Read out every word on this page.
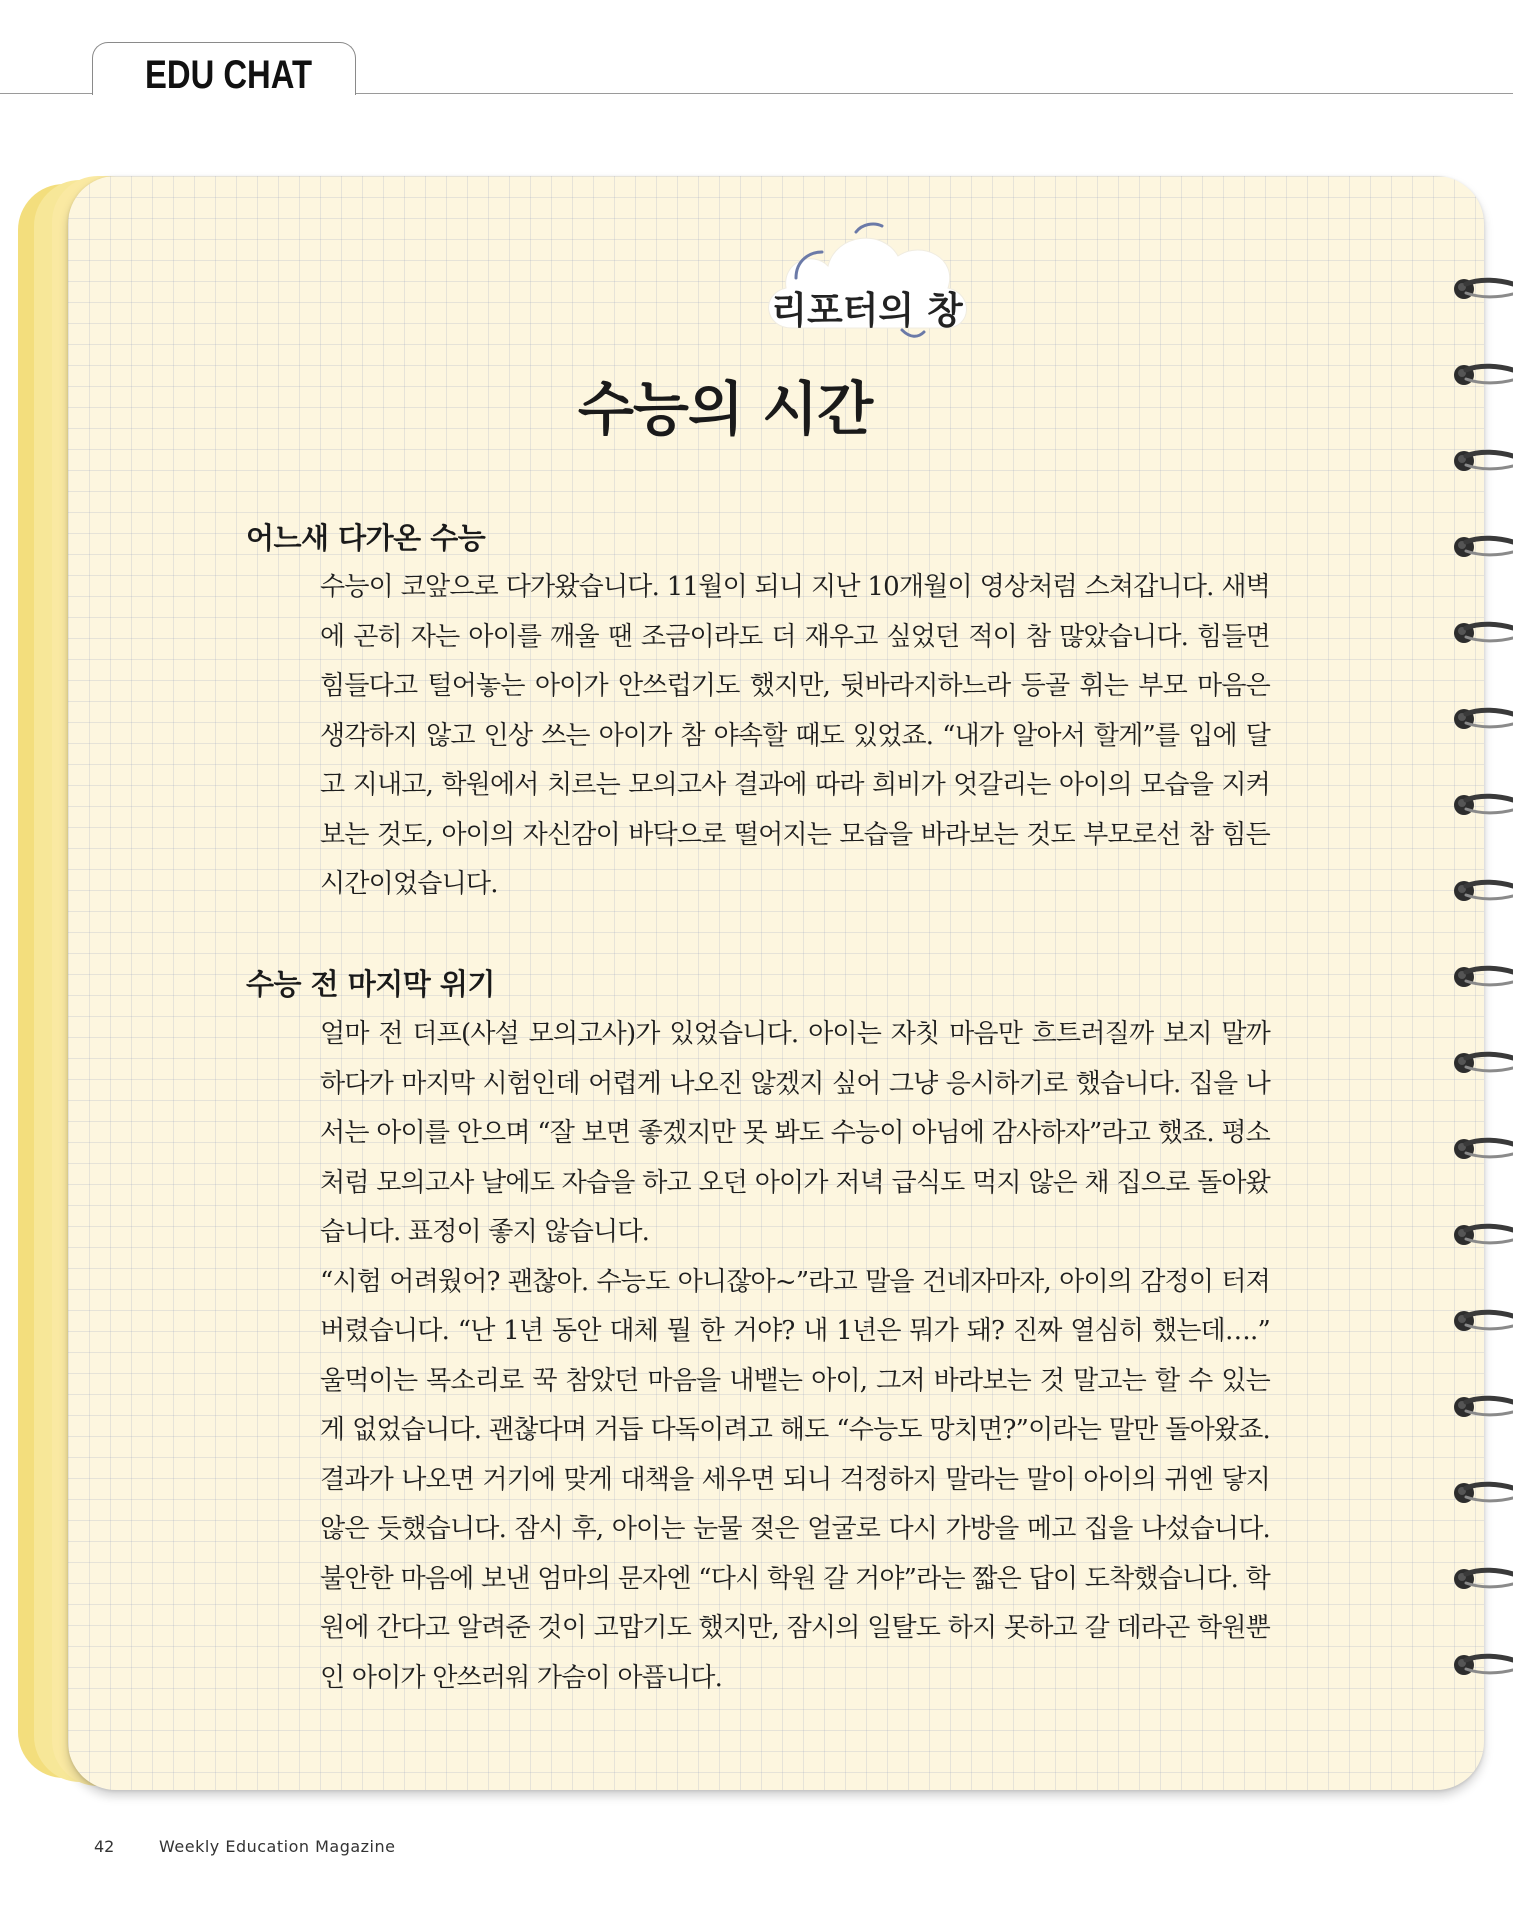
EDU CHAT
리포터의 창
수능의 시간
어느새 다가온 수능

수능이 코앞으로 다가왔습니다. 11월이 되니 지난 10개월이 영상처럼 스쳐갑니다. 새벽에 곤히 자는 아이를 깨울 땐 조금이라도 더 재우고 싶었던 적이 참 많았습니다. 힘들면 힘들다고 털어놓는 아이가 안쓰럽기도 했지만, 뒷바라지하느라 등골 휘는 부모 마음은 생각하지 않고 인상 쓰는 아이가 참 야속할 때도 있었죠. “내가 알아서 할게”를 입에 달고 지내고, 학원에서 치르는 모의고사 결과에 따라 희비가 엇갈리는 아이의 모습을 지켜보는 것도, 아이의 자신감이 바닥으로 떨어지는 모습을 바라보는 것도 부모로선 참 힘든 시간이었습니다.

수능 전 마지막 위기

얼마 전 더프(사설 모의고사)가 있었습니다. 아이는 자칫 마음만 흐트러질까 보지 말까 하다가 마지막 시험인데 어렵게 나오진 않겠지 싶어 그냥 응시하기로 했습니다. 집을 나서는 아이를 안으며 “잘 보면 좋겠지만 못 봐도 수능이 아님에 감사하자”라고 했죠. 평소처럼 모의고사 날에도 자습을 하고 오던 아이가 저녁 급식도 먹지 않은 채 집으로 돌아왔습니다. 표정이 좋지 않습니다.

“시험 어려웠어? 괜찮아. 수능도 아니잖아~”라고 말을 건네자마자, 아이의 감정이 터져버렸습니다. “난 1년 동안 대체 뭘 한 거야? 내 1년은 뭐가 돼? 진짜 열심히 했는데….” 울먹이는 목소리로 꾹 참았던 마음을 내뱉는 아이, 그저 바라보는 것 말고는 할 수 있는 게 없었습니다. 괜찮다며 거듭 다독이려고 해도 “수능도 망치면?”이라는 말만 돌아왔죠. 결과가 나오면 거기에 맞게 대책을 세우면 되니 걱정하지 말라는 말이 아이의 귀엔 닿지 않은 듯했습니다. 잠시 후, 아이는 눈물 젖은 얼굴로 다시 가방을 메고 집을 나섰습니다. 불안한 마음에 보낸 엄마의 문자엔 “다시 학원 갈 거야”라는 짧은 답이 도착했습니다. 학원에 간다고 알려준 것이 고맙기도 했지만, 잠시의 일탈도 하지 못하고 갈 데라곤 학원뿐인 아이가 안쓰러워 가슴이 아픕니다.

42	Weekly Education Magazine
